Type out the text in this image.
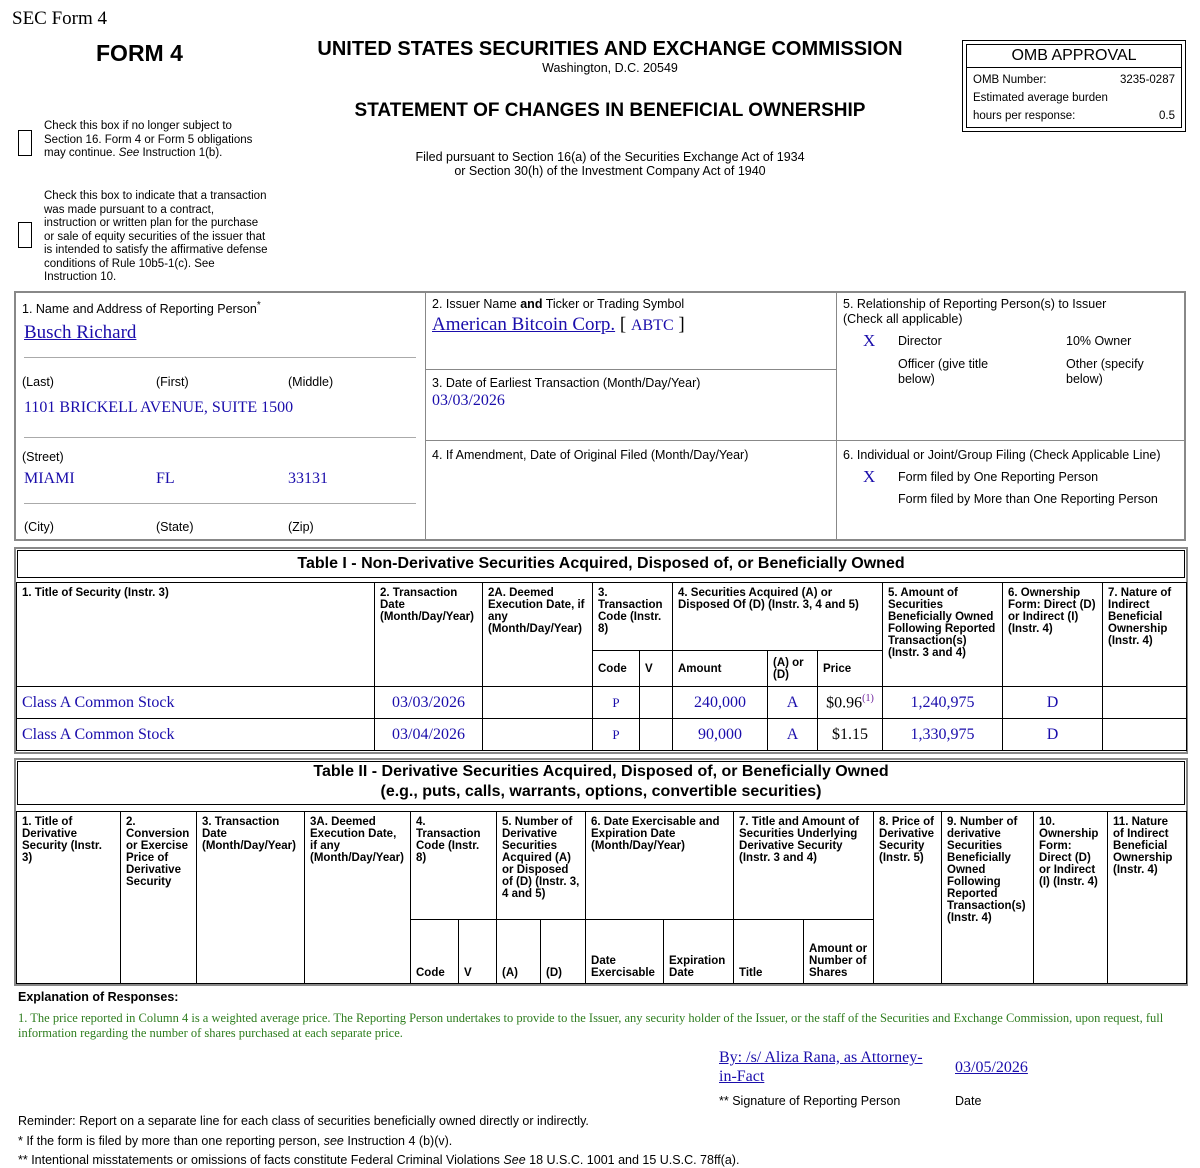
SEC Form 4
FORM 4	UNITED STATES SECURITIES AND EXCHANGE COMMISSION
Washington, D.C. 20549
STATEMENT OF CHANGES IN BENEFICIAL OWNERSHIP
Filed pursuant to Section 16(a) of the Securities Exchange Act of 1934
or Section 30(h) of the Investment Company Act of 1940
OMB APPROVAL
OMB Number:	3235-0287
Estimated average burden
hours per response:	0.5
Check this box if no longer subject to Section 16. Form 4 or Form 5 obligations may continue. See Instruction 1(b).
Check this box to indicate that a transaction was made pursuant to a contract, instruction or written plan for the purchase or sale of equity securities of the issuer that is intended to satisfy the affirmative defense conditions of Rule 10b5-1(c). See Instruction 10.
1. Name and Address of Reporting Person*
Busch Richard
(Last)	(First)	(Middle)
1101 BRICKELL AVENUE, SUITE 1500
(Street)
MIAMI	FL	33131
(City)	(State)	(Zip)
2. Issuer Name and Ticker or Trading Symbol
American Bitcoin Corp. [ ABTC ]
3. Date of Earliest Transaction (Month/Day/Year)
03/03/2026
4. If Amendment, Date of Original Filed (Month/Day/Year)
5. Relationship of Reporting Person(s) to Issuer
(Check all applicable)
X Director	10% Owner
Officer (give title
below)
Other (specify
below)
6. Individual or Joint/Group Filing (Check Applicable Line)
X Form filed by One Reporting Person
Form filed by More than One Reporting Person
Table I - Non-Derivative Securities Acquired, Disposed of, or Beneficially Owned
1. Title of Security (Instr. 3)	2. Transaction Date (Month/Day/Year)	2A. Deemed Execution Date, if any (Month/Day/Year)	3. Transaction Code (Instr. 8)		4. Securities Acquired (A) or Disposed Of (D) (Instr. 3, 4 and 5)			5. Amount of Securities Beneficially Owned Following Reported Transaction(s) (Instr. 3 and 4)	6. Ownership Form: Direct (D) or Indirect (I) (Instr. 4)	7. Nature of Indirect Beneficial Ownership (Instr. 4)
			Code	V	Amount	(A) or (D)	Price			
Class A Common Stock	03/03/2026		P		240,000	A	$0.96$^{(1)}$	1,240,975	D	
Class A Common Stock	03/04/2026		P		90,000	A	$1.15	1,330,975	D	
Table II - Derivative Securities Acquired, Disposed of, or Beneficially Owned
(e.g., puts, calls, warrants, options, convertible securities)
1. Title of Derivative Security (Instr. 3)	2. Conversion or Exercise Price of Derivative Security	3. Transaction Date (Month/Day/Year)	3A. Deemed Execution Date, if any (Month/Day/Year)	4. Transaction Code (Instr. 8)		5. Number of Derivative Securities Acquired (A) or Disposed of (D) (Instr. 3, 4 and 5)		6. Date Exercisable and Expiration Date (Month/Day/Year)		7. Title and Amount of Securities Underlying Derivative Security (Instr. 3 and 4)		8. Price of Derivative Security (Instr. 5)	9. Number of derivative Securities Beneficially Owned Following Reported Transaction(s) (Instr. 4)	10. Ownership Form: Direct (D) or Indirect (I) (Instr. 4)	11. Nature of Indirect Beneficial Ownership (Instr. 4)
				Code	V	(A)	(D)	Date Exercisable	Expiration Date	Title	Amount or Number of Shares				
Explanation of Responses:
1. The price reported in Column 4 is a weighted average price. The Reporting Person undertakes to provide to the Issuer, any security holder of the Issuer, or the staff of the Securities and Exchange Commission, upon request, full information regarding the number of shares purchased at each separate price.
By: /s/ Aliza Rana, as Attorney-in-Fact
03/05/2026
** Signature of Reporting Person	Date
Reminder: Report on a separate line for each class of securities beneficially owned directly or indirectly.
* If the form is filed by more than one reporting person, see Instruction 4 (b)(v).
** Intentional misstatements or omissions of facts constitute Federal Criminal Violations See 18 U.S.C. 1001 and 15 U.S.C. 78ff(a).
